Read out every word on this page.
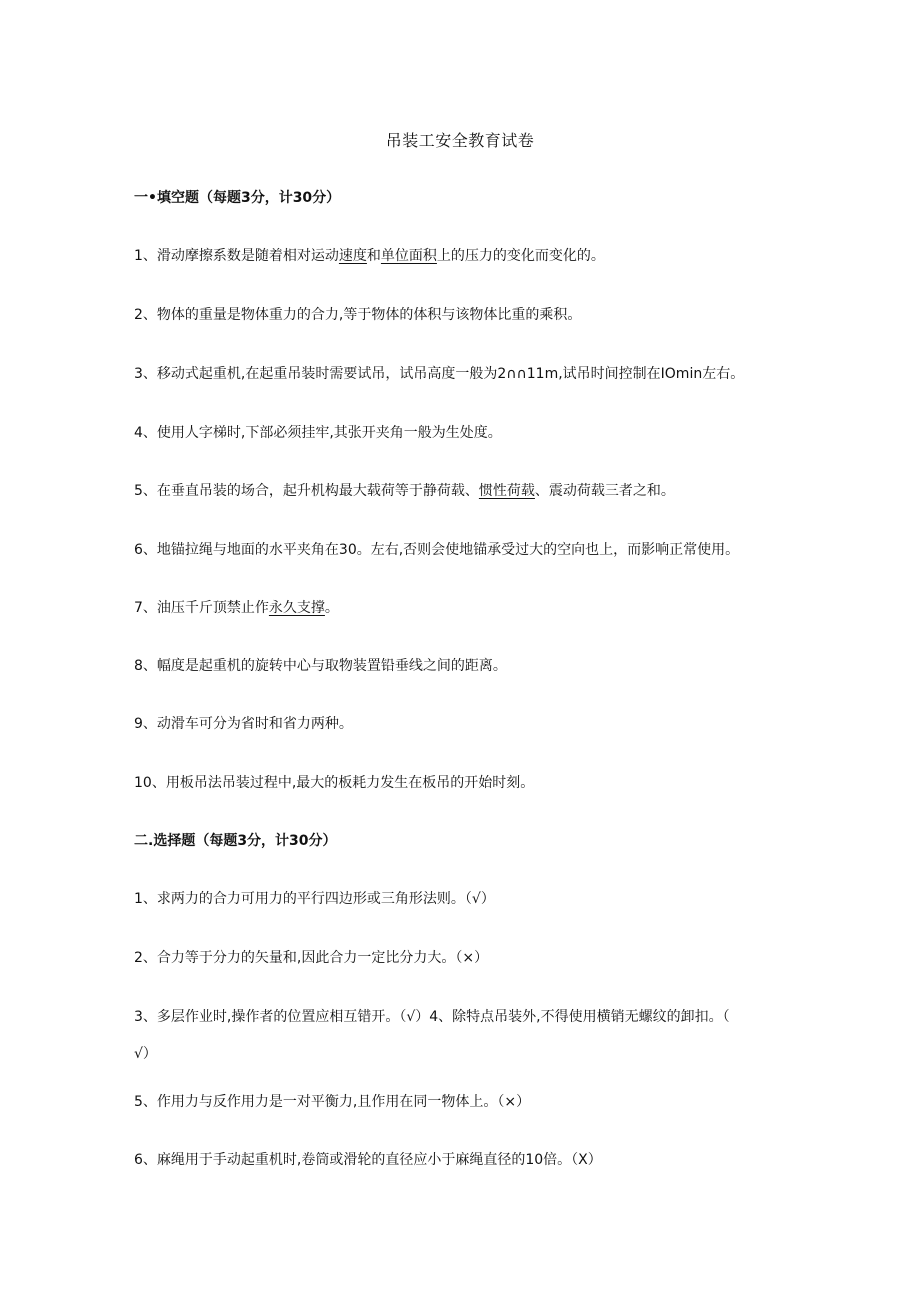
吊装工安全教育试卷
一•填空题（每题3分，计30分）
1、滑动摩擦系数是随着相对运动速度和单位面积上的压力的变化而变化的。
2、物体的重量是物体重力的合力,等于物体的体积与该物体比重的乘积。
3、移动式起重机,在起重吊装时需要试吊，试吊高度一般为2∩∩11m,试吊时间控制在IOmin左右。
4、使用人字梯时,下部必须挂牢,其张开夹角一般为生处度。
5、在垂直吊装的场合，起升机构最大载荷等于静荷载、惯性荷载、震动荷载三者之和。
6、地锚拉绳与地面的水平夹角在30。左右,否则会使地锚承受过大的空向也上，而影响正常使用。
7、油压千斤顶禁止作永久支撑。
8、幅度是起重机的旋转中心与取物装置铅垂线之间的距离。
9、动滑车可分为省时和省力两种。
10、用板吊法吊装过程中,最大的板耗力发生在板吊的开始时刻。
二.选择题（每题3分，计30分）
1、求两力的合力可用力的平行四边形或三角形法则。（√）
2、合力等于分力的矢量和,因此合力一定比分力大。（×）
3、多层作业时,操作者的位置应相互错开。（√）4、除特点吊装外,不得使用横销无螺纹的卸扣。（
√）
5、作用力与反作用力是一对平衡力,且作用在同一物体上。（×）
6、麻绳用于手动起重机时,卷筒或滑轮的直径应小于麻绳直径的10倍。（X）
